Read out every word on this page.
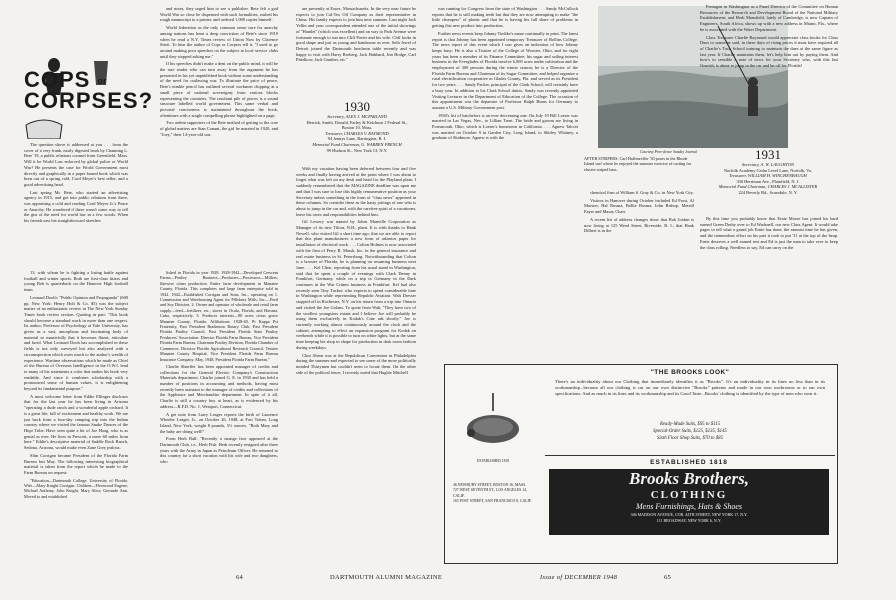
COPS or
CORPSES?

The question shove is addressed at you . . . from the cover of a very frank, easily digested book by Channing L. Bete '19, a public relations counsel from Greenfield, Mass. Will it be World Law enforced by global police or World War? He presents the case for World Government most directly and graphically in a paper bound book which was born out of a spring cold, Cord Meyer's best seller, and a good advertising head.

Last spring Mr. Bete, who started an advertising agency in 1915, and got into public relations from there, was appraising a cold and reading Cord Meyer Jr.'s Peace or Anarchy. He wondered if there wasn't some way to tell the gist of the need for world law in a few words. When his friends saw his straightforward sketches

13, with whom he is fighting a losing battle against football and winter sports. Both are first-class skiers and young Bob is quarterback on the Hanover High football team.

Leonard Doob's "Public Opinion and Propaganda" (600 pp. New York: Henry Holt & Co. $5) was the subject matter of an enthusiastic review in The New York Sunday Times book review section. Quoting in part: "This book should become a standard work in more than one respect. Its author, Professor of Psychology at Yale University, has given us a vast, amorphous and fascinating body of material so masterfully that it becomes fluent, articulate and lucid. What Leonard Doob has accomplished in these fields is not only surveyed but also analyzed with a circumspection which owes much to the author's wealth of experience. Wartime observations which he made as Chief of the Bureau of Overseas Intelligence in the O.W.I. lend to many of his statements a color that makes his book very readable. And since it combines scholarship with a pronounced sense of human values, it is enlightening beyond its fundamental purpose."

A most welcome letter from Eddie Ellinger discloses that for the last year he has been living in Arizona "operating a dude ranch and a wonderful apple orchard. It is a great life, full of excitement and healthy work. We are just back from a four-day camping trip into the Indian country where we visited the famous Snake Dances of the Hopi Tribe. Have seen quite a bit of Joe Hoag, who is as genial as ever. He lives in Prescott, a mere 60 miles from here." Eddie's descriptive material of Saddle Rock Ranch, Sedona, Arizona, would make even Zane Grey jealous.

Slim Corrigan became President of the Florida Farm Bureau last May. The following interesting biographical material is taken from the report which he made to the Farm Bureau on request:

"Education—Dartmouth College; University of Florida. Wife—Mary Knight Corrigan. Children—Fleetwood Eugene, Michael Anthony, John Knight, Mary Alice, Gertrude Ann. Moved to and established

and notes, they urged him to see a publisher. Bete felt a god World War so close he dispensed with such formalities, rushed his rough manuscript to a printer, and ordered 1,000 copies himself.

World federation as the only common sense cure for anarchy among nations has been a deep conviction of Bete's since 1919 when he read a N.Y. Times review of Union Now by Clarence Streit. To hear the author of Cops or Corpses tell it, "I used to go around making poor speeches on the subject at local service clubs until they stopped asking me."

If his speeches didn't make a dent on the public mind, it will be the rare reader who can turn away from the argument he has presented in his yet unpublished book without some understanding of the need for outlawing war. To illustrate the price of peace, Bete's nimble pencil has outlined several workmen chipping at a small piece of national sovereignty from various blocks representing the countries. The resultant pile of pieces is a sound structure labelled world government. This same verbal and pictorial conciseness is maintained throughout the book, oftentimes with a single compelling phrase highlighted on a page.

Two ardent supporters of the Bete method of getting to the core of global matters are Stan Conant, the girl he married in 1920, and "Joey," their 14-year-old son.

lished in Florida in year 1928. 1928-1942—Developed Crescent Farms—Poultry Business—Producers—Processors—Millers; likewise citrus production. Entire farm development in Manatee County, Florida. This completes and large farm enterprise sold in 1942. 1942—Established Corrigan and Sons, Inc., operating on 1. Commission and Warehousing Agent for Pillsbury Mills, Inc.—Feed and Soy Division. 2. Owner and operator of wholesale and retail farm supply—feed—fertilizer, etc., stores in Ocala, Florida, and Havana, Cuba, respectively. 3. Producer interests—80 acres citrus grove Manatee County, Florida. Affiliations: 1928-40, Pi Kappa Psi Fraternity, Past President Bradenton Rotary Club, Past President Florida Poultry Council, Past President Florida State Poultry Producers' Association. Director Florida Farm Bureau, Vice President Florida Farm Bureau, Chairman Poultry Division, Florida Chamber of Commerce, Director Florida Agricultural Research Council, Trustee Manatee County Hospital, Vice President Florida Farm Bureau Insurance Company. May, 1948, President Florida Farm Bureau."

Charlie Shaeffer has been appointed manager of credits and collections for the General Electric Company's Construction Materials department. Charlie joined G. E. in 1930 and has held a number of positions in accounting and methods, having most recently been assistant to the manager of credits and collections of the Appliance and Merchandise department. In spite of it all, Charlie is still a country boy at heart, as is evidenced by his address—R.F.D. No. 1, Westport, Connecticut.

A get note from Larry Leager reports the birth of Laurence Wheeler Leager, Jr., on October 26, 1948, at Fort Totten, Long Island, New York, weight 8 pounds, 5½ ounces. "Both Mary and the baby are doing well!"

From Herb Ball: "Recently a strange face appeared at the Dartmouth Club, i.e., Herb Fish. Herb recently resigned after three years with the Army in Japan as Petroleum Officer. He returned to this country for a short vacation with his wife and two daughters, who

are presently at Essex, Massachusetts. In the very near future he expects to join Cal-Tex Oil Company as their representative in China. His family expects to join him next summer. Last night Jack Yellin and your correspondent attended one of the initial showings of "Hamlet" (which was excellent) and on way to Park Avenue were fortunate enough to run into Cliff Porter and his wife. Cliff looks in good shape and just as young and handsome as ever. Seth Jewel of Detroit joined the Dartmouth luncheon table recently and was happy to visit with Harry Broberg, Jack Hubbard, Jim Hodge, Carl Pittelkow, Jack Gunther, etc."

1930
Secretary, ALEX J. MCFARLAND
Herrick, Smith, Donald, Farley & Ketchum 1 Federal St., Boston 10, Mass.
Treasurer, CHARLES V. RAYMOND
94 Jennys Lane, Barrington, R. I.
Memorial Fund Chairman, G. WARREN FRENCH
99 Hudson St., New York 13, N.Y.

With my vacation having been deferred between four and five weeks and finally having arrived at the point where I was about to forget what was left on my desk and head for the Playland plain, I suddenly remembered that the MAGAZINE deadline was upon me and that I was sure to lose this highly remunerative position as your Secretary unless something in the form of "class news" appeared in these columns. So consider these as the hasty jottings of one who is about to jump in the car and, with the carefree spirit of a vacationer, leave his cares and responsibilities behind him.

Gil Lowery was named by Johns Manville Corporation as Manager of its new Tilton, N.H., plant. It is with thanks to Hank Newell, who visited Gil a short time ago, that we are able to report that this plant manufactures a new form of asbestos paper for installation of electrical work. . . . Colton Holmes is now associated with the firm of Perry R. Marsh, Inc. in the general insurance and real estate business in St. Petersburg. Notwithstanding that Colton is a booster of Florida, he is planning on resuming business next June. . . . Kel Cline, reporting from his usual stand in Washington, said that he spent a couple of evenings with Clark Denny in Frankfort, Germany, while on a trip to Germany in the Dark continues in the War Crimes business in Frankfurt. Kel had also recently seen Tiny Tucker, who expects to spend considerable time in Washington while representing Republic Aviation. Walt Dresser stopped off in Rochester, N.Y. on his return from a trip into Ontario and visited the Joe Golans. To quote from Walt, "They have two of the swellest youngsters extant and I believe Joe will probably be using them exclusively in Kodak's Cine ads shortly." Joe is currently working almost continuously around the clock and the cabinet, attempting to effect an expansion program for Kodak on weekends while it is possible to turn on white lights, but at the same time keeping his shop in shape for production in dark room fashion during weekdays.

Clint Ahern was at the Republican Convention in Philadelphia during the summer and expected to see some of the more politically minded Thirtymen but couldn't seem to locate them. On the other side of the political fence, I recently noted that Hughie Mitchell

was running for Congress from the state of Washington . . . Sandy McCulloch reports that he is still making teeth but that they are now attempting to make "the little chompers" of plastic and that he is having his full share of problems in getting this new product into production.

Further news events keep Johnny Tiedtke's name continually in print. The latest report is that Johnny has been appointed temporary Treasurer of Rollins College. The news report of this event which I saw gives an indication of how Johnny keeps busy: He is also a Trustee of the College of Wooster, Ohio, and for eight years has been a member of its Finance Committee; his sugar and sailing interest business in the Everglades of Florida involve 6,000 acres under cultivation and the employment of 300 persons during the winter season; he is a Director of the Florida Farm Bureau and Chairman of its Sugar Committee; and helped organize a rural electrification cooperative in Glades County, Fla. and served as its President for two years. . . . Sandy Packer, principal of the Clark School, will certainly have a busy year. In addition to his Clark School duties, Sandy was recently appointed Visiting Lecturer in the Department of Education of the College. The occasion of this appointment was the departure of Professor Ralph Burns for Germany to assume a U.S. Military Government post.

1930's list of batchelors is an ever decreasing one. On July 19 Bill Loeser was married in Las Vegas, Nev., to Lillian Trent. The bride and groom are living in Portsmouth, Ohio, which is Loeser's hometown in California. . . . Agnew Talcott was married on October 9 in Garden City, Long Island, to Shirley Whitney, a graduate of Skidmore. Agnew is with the

Courtesy Prov-dence Sunday Journal
AFTER STRIPERS: Carl Haffenreffer '30 poses in the Rhode Island surf where he enjoyed the summer exercise of casting for elusive striped bass.

chemical firm of William S. Gray & Co. in New York City.

Visitors in Hanover during October included Ed Frost, Al Morsier, Hal Bosma, Bollie Bosma, John Bishop, Merrill Fayer and Maury Chait.

A recent list of address changes show that Bob Jordan is now living at 125 Weed Street, Riverside, R. I.; that Hank Dilbert is in the

Pentagon in Washington as a Panel Director of the Committee on Human Resources of the Research and Development Board of the National Military Establishment; and Herb Mansfield, lately of Cambridge, is now Captain of Engineers, South Africa, shows up with a new address in Miami, Fla., where he is associated with the Water Department.

Class Treasurer Charlie Raymond would appreciate class books for Class Dues to someone said, in these days of rising prices it must have required all of Charlie's Tuck School training to maintain the dues at the same figure as last year. If Charlie maintains them, let's help him out by paying them. And how's to sensible a note of news for your Secretary who, with this last flourish, is about to jump in the car and be off for Florida!

1931
Secretary, A. W. LAUGHTON
Norfolk Academy Cedar Level Lane, Norfolk, Va.
Treasurer, WILLIAM H. WINCHENBAUGH
330 Herriman Ave., Plainfield, N. J.
Memorial Fund Chairman, CHARLES J. MCALLISTER
224 Beverly Rd., Scarsdale, N. Y.

By this time you probably know that Ernie Moore has joined his hard earned Green Derby over to Ed Wadsnell, our new Class Agent. It would take pages to tell what a grand job Ernie has done, the amount time he has given, and the tremendous effort on his part it took to put '31 at the top of the heap. Ernie deserves a well earned rest and Ed is just the man to take over to keep the class rolling. Needless to say, Ed can carry on the

ESTABLISHED 1818
"THE BROOKS LOOK"
There's an individuality about our Clothing that immediately identifies it as "Brooks". It's an individuality in its lines no less than in its workmanship...because all our clothing is cut on our own distinctive "Brooks" patterns and made in our own workrooms or to our own specifications. And as much in its lines and its workmanship and its Good Taste...Brooks' clothing is identified by the type of men who wear it.
Ready-Made Suits, $95 to $115
Special-Order Suits, $125, $135, $145
Sixth Floor Shop Suits, $70 to $85
46 NEWBURY STREET, BOSTON 16, MASS.
727 WEST SEVENTH ST., LOS ANGELES 14, CALIF.
165 POST STREET, SAN FRANCISCO 8, CALIF.
ESTABLISHED 1818
Brooks Brothers,
CLOTHING
Mens Furnishings, Hats & Shoes
346 MADISON AVENUE, COR. 44TH STREET, NEW YORK 17, N.Y.
111 BROADWAY, NEW YORK 6, N.Y.
64	DARTMOUTH ALUMNI MAGAZINE	Issue of DECEMBER 1948	65
